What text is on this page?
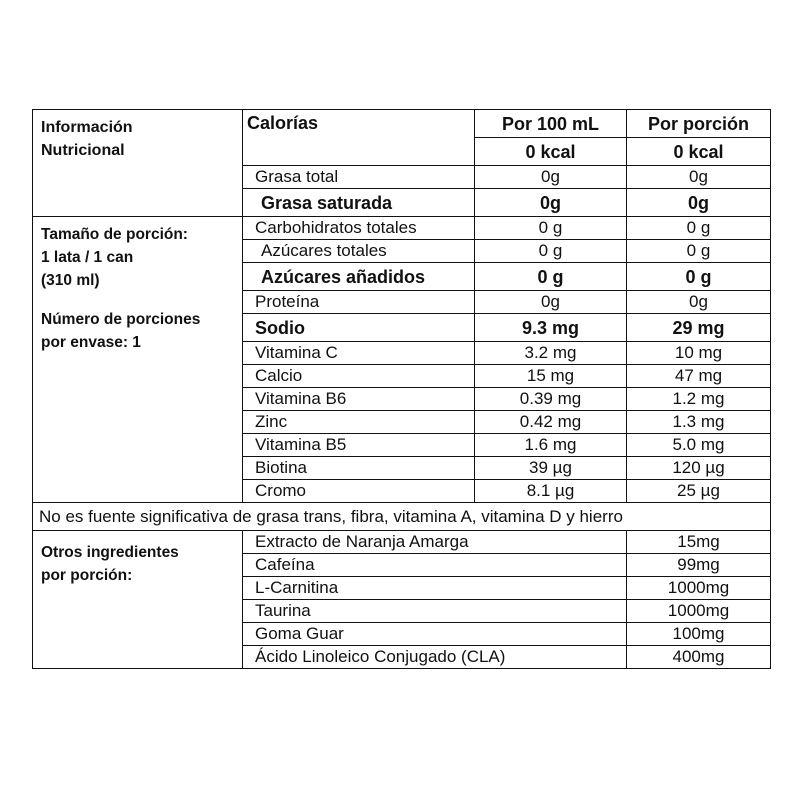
Información
Nutricional	Calorías	Por 100 mL	Por porción
		0 kcal	0 kcal
	Grasa total	0g	0g
	Grasa saturada	0g	0g

Tamaño de porción:
1 lata / 1 can
(310 ml)
Número de porciones
por envase: 1	Carbohidratos totales	0 g	0 g
	Azúcares totales	0 g	0 g
	Azúcares añadidos	0 g	0 g
	Proteína	0g	0g
	Sodio	9.3 mg	29 mg
	Vitamina C	3.2 mg	10 mg
	Calcio	15 mg	47 mg
	Vitamina B6	0.39 mg	1.2 mg
	Zinc	0.42 mg	1.3 mg
	Vitamina B5	1.6 mg	5.0 mg
	Biotina	39 µg	120 µg
	Cromo	8.1 µg	25 µg
No es fuente significativa de grasa trans, fibra, vitamina A, vitamina D y hierro			

Otros ingredientes
por porción:	Extracto de Naranja Amarga		15mg
	Cafeína		99mg
	L-Carnitina		1000mg
	Taurina		1000mg
	Goma Guar		100mg
	Ácido Linoleico Conjugado (CLA)		400mg
